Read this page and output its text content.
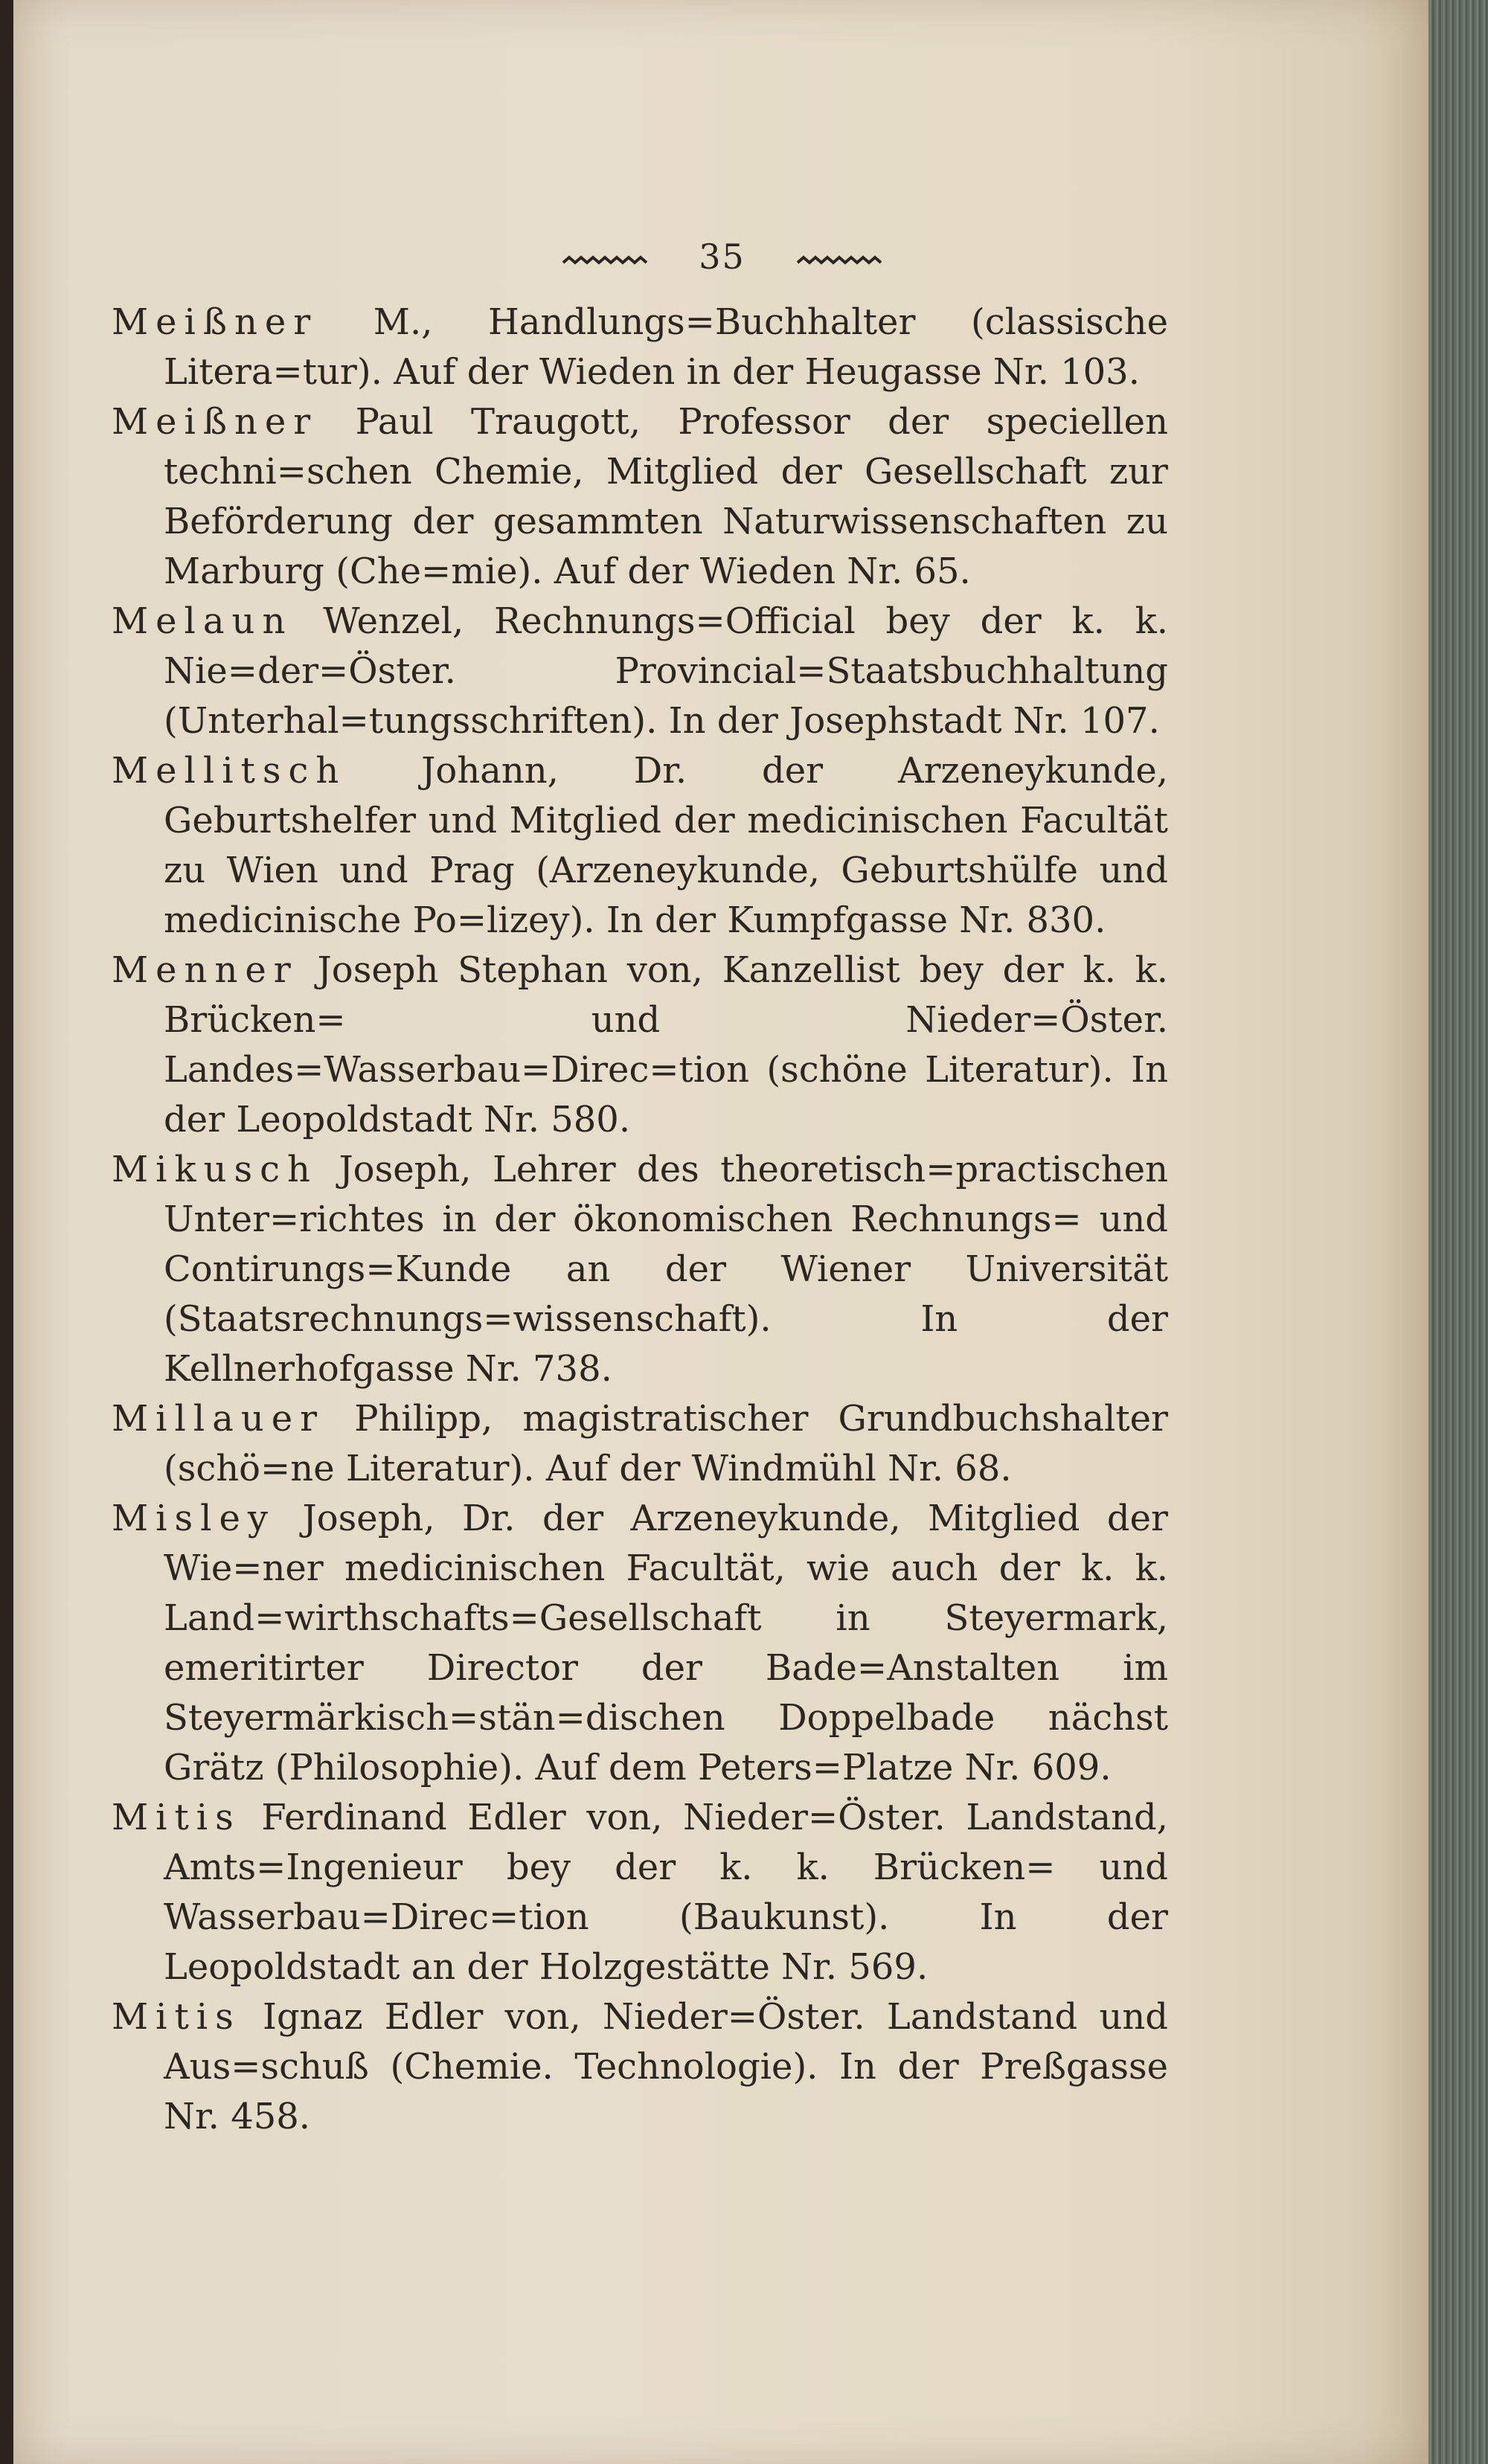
35

Meißner M., Handlungs=Buchhalter (classische Litera=tur). Auf der Wieden in der Heugasse Nr. 103.

Meißner Paul Traugott, Professor der speciellen techni=schen Chemie, Mitglied der Gesellschaft zur Beförderung der gesammten Naturwissenschaften zu Marburg (Che=mie). Auf der Wieden Nr. 65.

Melaun Wenzel, Rechnungs=Official bey der k. k. Nie=der=Öster. Provincial=Staatsbuchhaltung (Unterhal=tungsschriften). In der Josephstadt Nr. 107.

Mellitsch Johann, Dr. der Arzeneykunde, Geburtshelfer und Mitglied der medicinischen Facultät zu Wien und Prag (Arzeneykunde, Geburtshülfe und medicinische Po=lizey). In der Kumpfgasse Nr. 830.

Menner Joseph Stephan von, Kanzellist bey der k. k. Brücken= und Nieder=Öster. Landes=Wasserbau=Direc=tion (schöne Literatur). In der Leopoldstadt Nr. 580.

Mikusch Joseph, Lehrer des theoretisch=practischen Unter=richtes in der ökonomischen Rechnungs= und Contirungs=Kunde an der Wiener Universität (Staatsrechnungs=wissenschaft). In der Kellnerhofgasse Nr. 738.

Millauer Philipp, magistratischer Grundbuchshalter (schö=ne Literatur). Auf der Windmühl Nr. 68.

Misley Joseph, Dr. der Arzeneykunde, Mitglied der Wie=ner medicinischen Facultät, wie auch der k. k. Land=wirthschafts=Gesellschaft in Steyermark, emeritirter Director der Bade=Anstalten im Steyermärkisch=stän=dischen Doppelbade nächst Grätz (Philosophie). Auf dem Peters=Platze Nr. 609.

Mitis Ferdinand Edler von, Nieder=Öster. Landstand, Amts=Ingenieur bey der k. k. Brücken= und Wasserbau=Direc=tion (Baukunst). In der Leopoldstadt an der Holzgestätte Nr. 569.

Mitis Ignaz Edler von, Nieder=Öster. Landstand und Aus=schuß (Chemie. Technologie). In der Preßgasse Nr. 458.
